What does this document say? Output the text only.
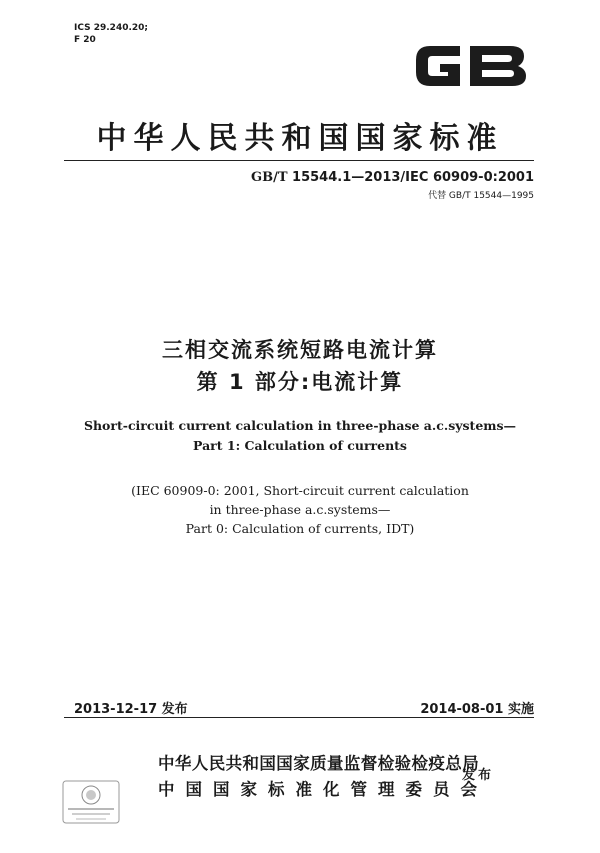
ICS 29.240.20;
F 20
中华人民共和国国家标准
GB/T 15544.1—2013/IEC 60909-0:2001
代替 GB/T 15544—1995
三相交流系统短路电流计算
第 1 部分:电流计算
Short-circuit current calculation in three-phase a.c.systems—
Part 1: Calculation of currents
(IEC 60909-0: 2001, Short-circuit current calculation
in three-phase a.c.systems—
Part 0: Calculation of currents, IDT)
2013-12-17 发布	2014-08-01 实施
中华人民共和国国家质量监督检验检疫总局
中国国家标准化管理委员会
发布
